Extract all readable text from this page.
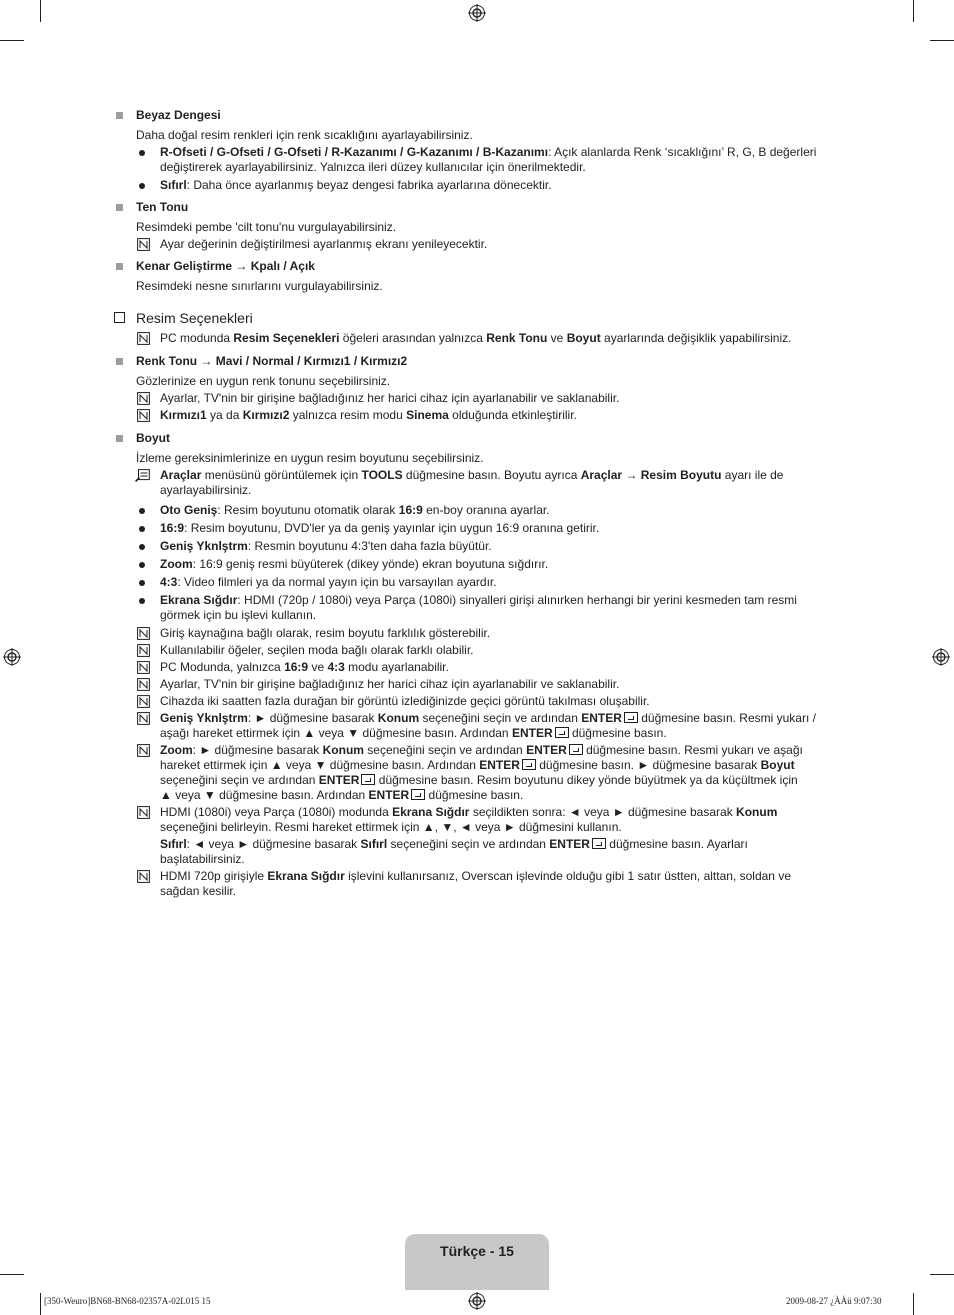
Beyaz Dengesi
Daha doğal resim renkleri için renk sıcaklığını ayarlayabilirsiniz.
R-Ofseti / G-Ofseti / G-Ofseti / R-Kazanımı / G-Kazanımı / B-Kazanımı: Açık alanlarda Renk ‘sıcaklığını’ R, G, B değerleri
değiştirerek ayarlayabilirsiniz. Yalnızca ileri düzey kullanıcılar için önerilmektedir.
Sıfırl: Daha önce ayarlanmış beyaz dengesi fabrika ayarlarına dönecektir.
Ten Tonu
Resimdeki pembe 'cilt tonu'nu vurgulayabilirsiniz.
Ayar değerinin değiştirilmesi ayarlanmış ekranı yenileyecektir.
Kenar Geliştirme → Kpalı / Açık
Resimdeki nesne sınırlarını vurgulayabilirsiniz.
Resim Seçenekleri
PC modunda Resim Seçenekleri öğeleri arasından yalnızca Renk Tonu ve Boyut ayarlarında değişiklik yapabilirsiniz.
Renk Tonu → Mavi / Normal / Kırmızı1 / Kırmızı2
Gözlerinize en uygun renk tonunu seçebilirsiniz.
Ayarlar, TV'nin bir girişine bağladığınız her harici cihaz için ayarlanabilir ve saklanabilir.
Kırmızı1 ya da Kırmızı2 yalnızca resim modu Sinema olduğunda etkinleştirilir.
Boyut
İzleme gereksinimlerinize en uygun resim boyutunu seçebilirsiniz.
Araçlar menüsünü görüntülemek için TOOLS düğmesine basın. Boyutu ayrıca Araçlar → Resim Boyutu ayarı ile de
ayarlayabilirsiniz.
Oto Geniş: Resim boyutunu otomatik olarak 16:9 en-boy oranına ayarlar.
16:9: Resim boyutunu, DVD'ler ya da geniş yayınlar için uygun 16:9 oranına getirir.
Geniş Yknlştrm: Resmin boyutunu 4:3'ten daha fazla büyütür.
Zoom: 16:9 geniş resmi büyüterek (dikey yönde) ekran boyutuna sığdırır.
4:3: Video filmleri ya da normal yayın için bu varsayılan ayardır.
Ekrana Sığdır: HDMI (720p / 1080i) veya Parça (1080i) sinyalleri girişi alınırken herhangi bir yerini kesmeden tam resmi
görmek için bu işlevi kullanın.
Giriş kaynağına bağlı olarak, resim boyutu farklılık gösterebilir.
Kullanılabilir öğeler, seçilen moda bağlı olarak farklı olabilir.
PC Modunda, yalnızca 16:9 ve 4:3 modu ayarlanabilir.
Ayarlar, TV'nin bir girişine bağladığınız her harici cihaz için ayarlanabilir ve saklanabilir.
Cihazda iki saatten fazla durağan bir görüntü izlediğinizde geçici görüntü takılması oluşabilir.
Geniş Yknlştrm: ► düğmesine basarak Konum seçeneğini seçin ve ardından ENTER düğmesine basın. Resmi yukarı /
aşağı hareket ettirmek için ▲ veya ▼ düğmesine basın. Ardından ENTER düğmesine basın.
Zoom: ► düğmesine basarak Konum seçeneğini seçin ve ardından ENTER düğmesine basın. Resmi yukarı ve aşağı
hareket ettirmek için ▲ veya ▼ düğmesine basın. Ardından ENTER düğmesine basın. ► düğmesine basarak Boyut
seçeneğini seçin ve ardından ENTER düğmesine basın. Resim boyutunu dikey yönde büyütmek ya da küçültmek için
▲ veya ▼ düğmesine basın. Ardından ENTER düğmesine basın.
HDMI (1080i) veya Parça (1080i) modunda Ekrana Sığdır seçildikten sonra: ◄ veya ► düğmesine basarak Konum
seçeneğini belirleyin. Resmi hareket ettirmek için ▲, ▼, ◄ veya ► düğmesini kullanın.
Sıfırl: ◄ veya ► düğmesine basarak Sıfırl seçeneğini seçin ve ardından ENTER düğmesine basın. Ayarları
başlatabilirsiniz.
HDMI 720p girişiyle Ekrana Sığdır işlevini kullanırsanız, Overscan işlevinde olduğu gibi 1 satır üstten, alttan, soldan ve
sağdan kesilir.
Türkçe - 15
[350-Weuro]BN68-BN68-02357A-02L015 15	2009-08-27 ¿ÀÀü 9:07:30
